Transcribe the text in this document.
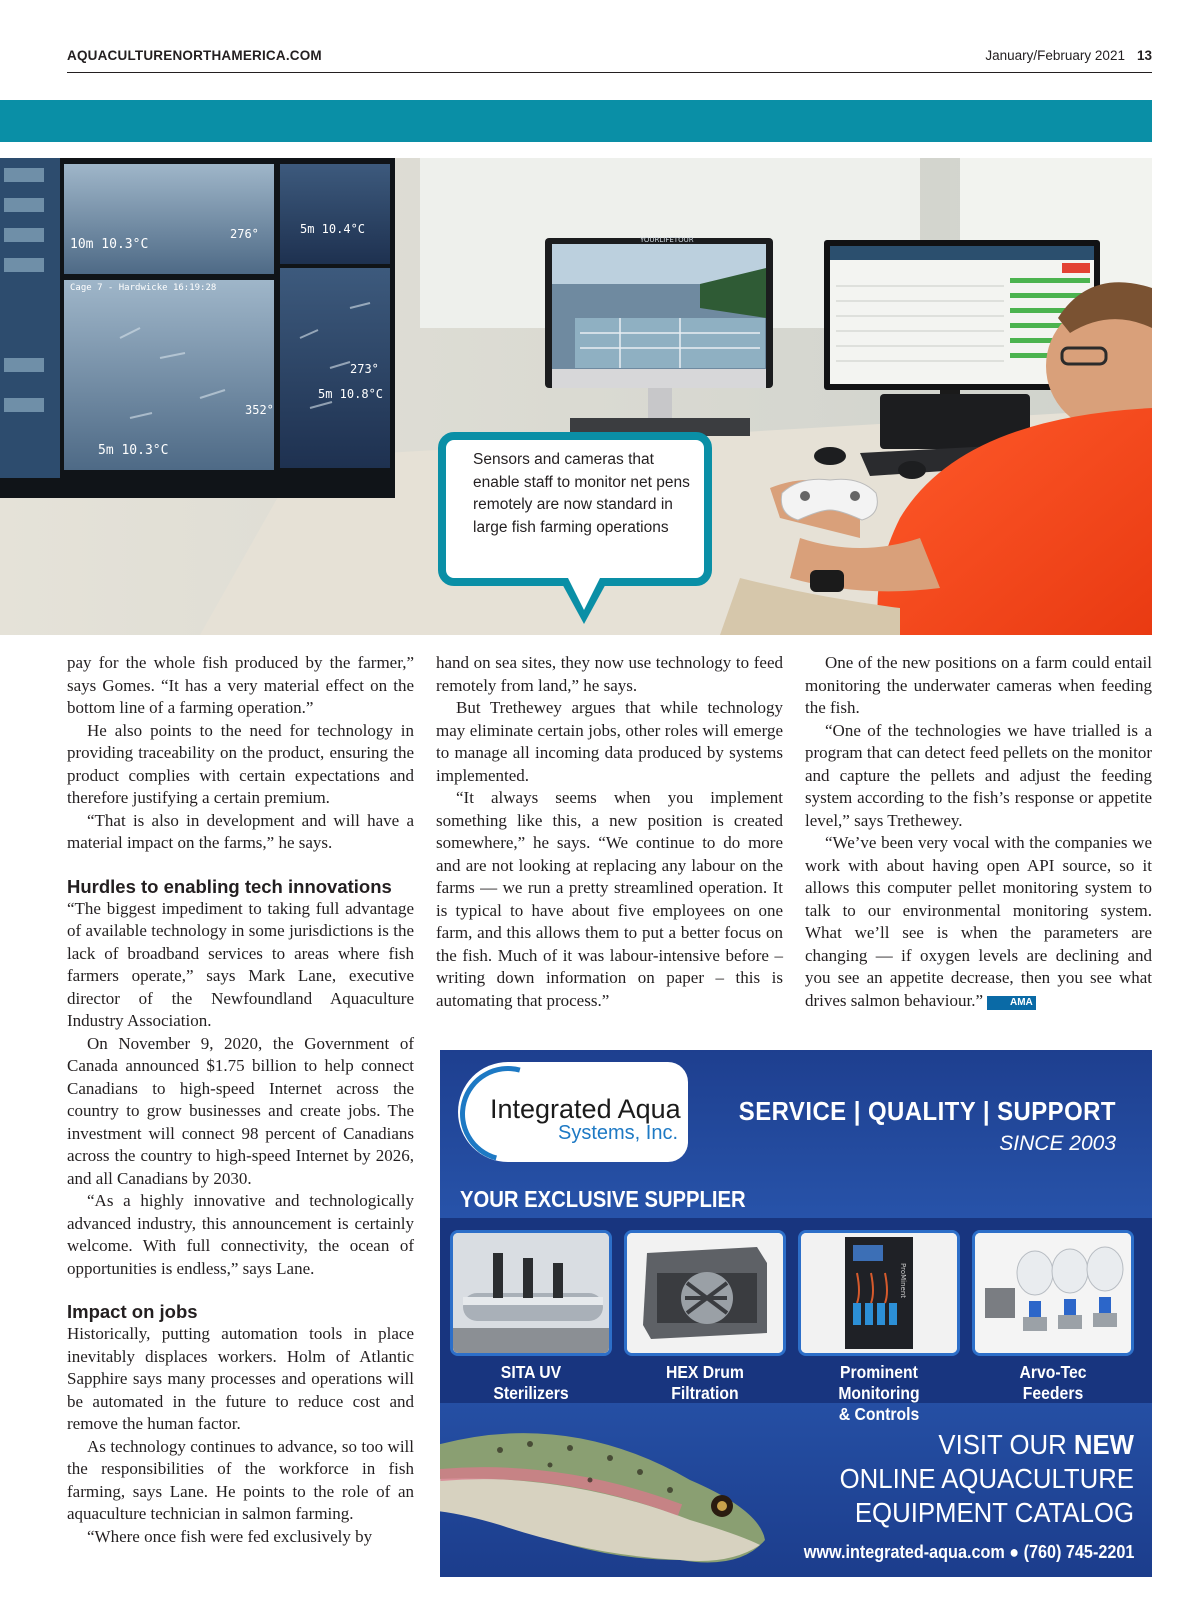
AQUACULTURENORTHAMERICA.COM	January/February 2021 13
10m 10.3°C
5m 10.4°C
276°
5m 10.3°C
352°
5m 10.8°C
273°
Cage 7 - Hardwicke 16:19:28
YOURLIFETOUR
Sensors and cameras that enable staff to monitor net pens remotely are now standard in large fish farming operations

pay for the whole fish produced by the farmer,” says Gomes. “It has a very material effect on the bottom line of a farming operation.”

He also points to the need for technology in providing traceability on the product, ensuring the product complies with certain expectations and therefore justifying a certain premium.

“That is also in development and will have a material impact on the farms,” he says.

Hurdles to enabling tech innovations

“The biggest impediment to taking full advantage of available technology in some jurisdictions is the lack of broadband services to areas where fish farmers operate,” says Mark Lane, executive director of the Newfoundland Aquaculture Industry Association.

On November 9, 2020, the Government of Canada announced $1.75 billion to help connect Canadians to high-speed Internet across the country to grow businesses and create jobs. The investment will connect 98 percent of Canadians across the country to high-speed Internet by 2026, and all Canadians by 2030.

“As a highly innovative and technologically advanced industry, this announcement is certainly welcome. With full connectivity, the ocean of opportunities is endless,” says Lane.

Impact on jobs

Historically, putting automation tools in place inevitably displaces workers. Holm of Atlantic Sapphire says many processes and operations will be automated in the future to reduce cost and remove the human factor.

As technology continues to advance, so too will the responsibilities of the workforce in fish farming, says Lane. He points to the role of an aquaculture technician in salmon farming.

“Where once fish were fed exclusively by

hand on sea sites, they now use technology to feed remotely from land,” he says.

But Trethewey argues that while technology may eliminate certain jobs, other roles will emerge to manage all incoming data produced by systems implemented.

“It always seems when you implement something like this, a new position is created somewhere,” he says. “We continue to do more and are not looking at replacing any labour on the farms — we run a pretty streamlined operation. It is typical to have about five employees on one farm, and this allows them to put a better focus on the fish. Much of it was labour-intensive before – writing down information on paper – this is automating that process.”

One of the new positions on a farm could entail monitoring the underwater cameras when feeding the fish.

“One of the technologies we have trialled is a program that can detect feed pellets on the monitor and capture the pellets and adjust the feeding system according to the fish’s response or appetite level,” says Trethewey.

“We’ve been very vocal with the companies we work with about having open API source, so it allows this computer pellet monitoring system to talk to our environmental monitoring system. What we’ll see is when the parameters are changing — if oxygen levels are declining and you see an appetite decrease, then you see what drives salmon behaviour.”	AMA

Integrated Aqua
Systems, Inc.
SERVICE | QUALITY | SUPPORT
SINCE 2003
YOUR EXCLUSIVE SUPPLIER
ProMinent
SITA UV
Sterilizers
HEX Drum
Filtration
Prominent Monitoring
& Controls
Arvo-Tec
Feeders
VISIT OUR NEW
ONLINE AQUACULTURE
EQUIPMENT CATALOG
www.integrated-aqua.com ● (760) 745-2201
